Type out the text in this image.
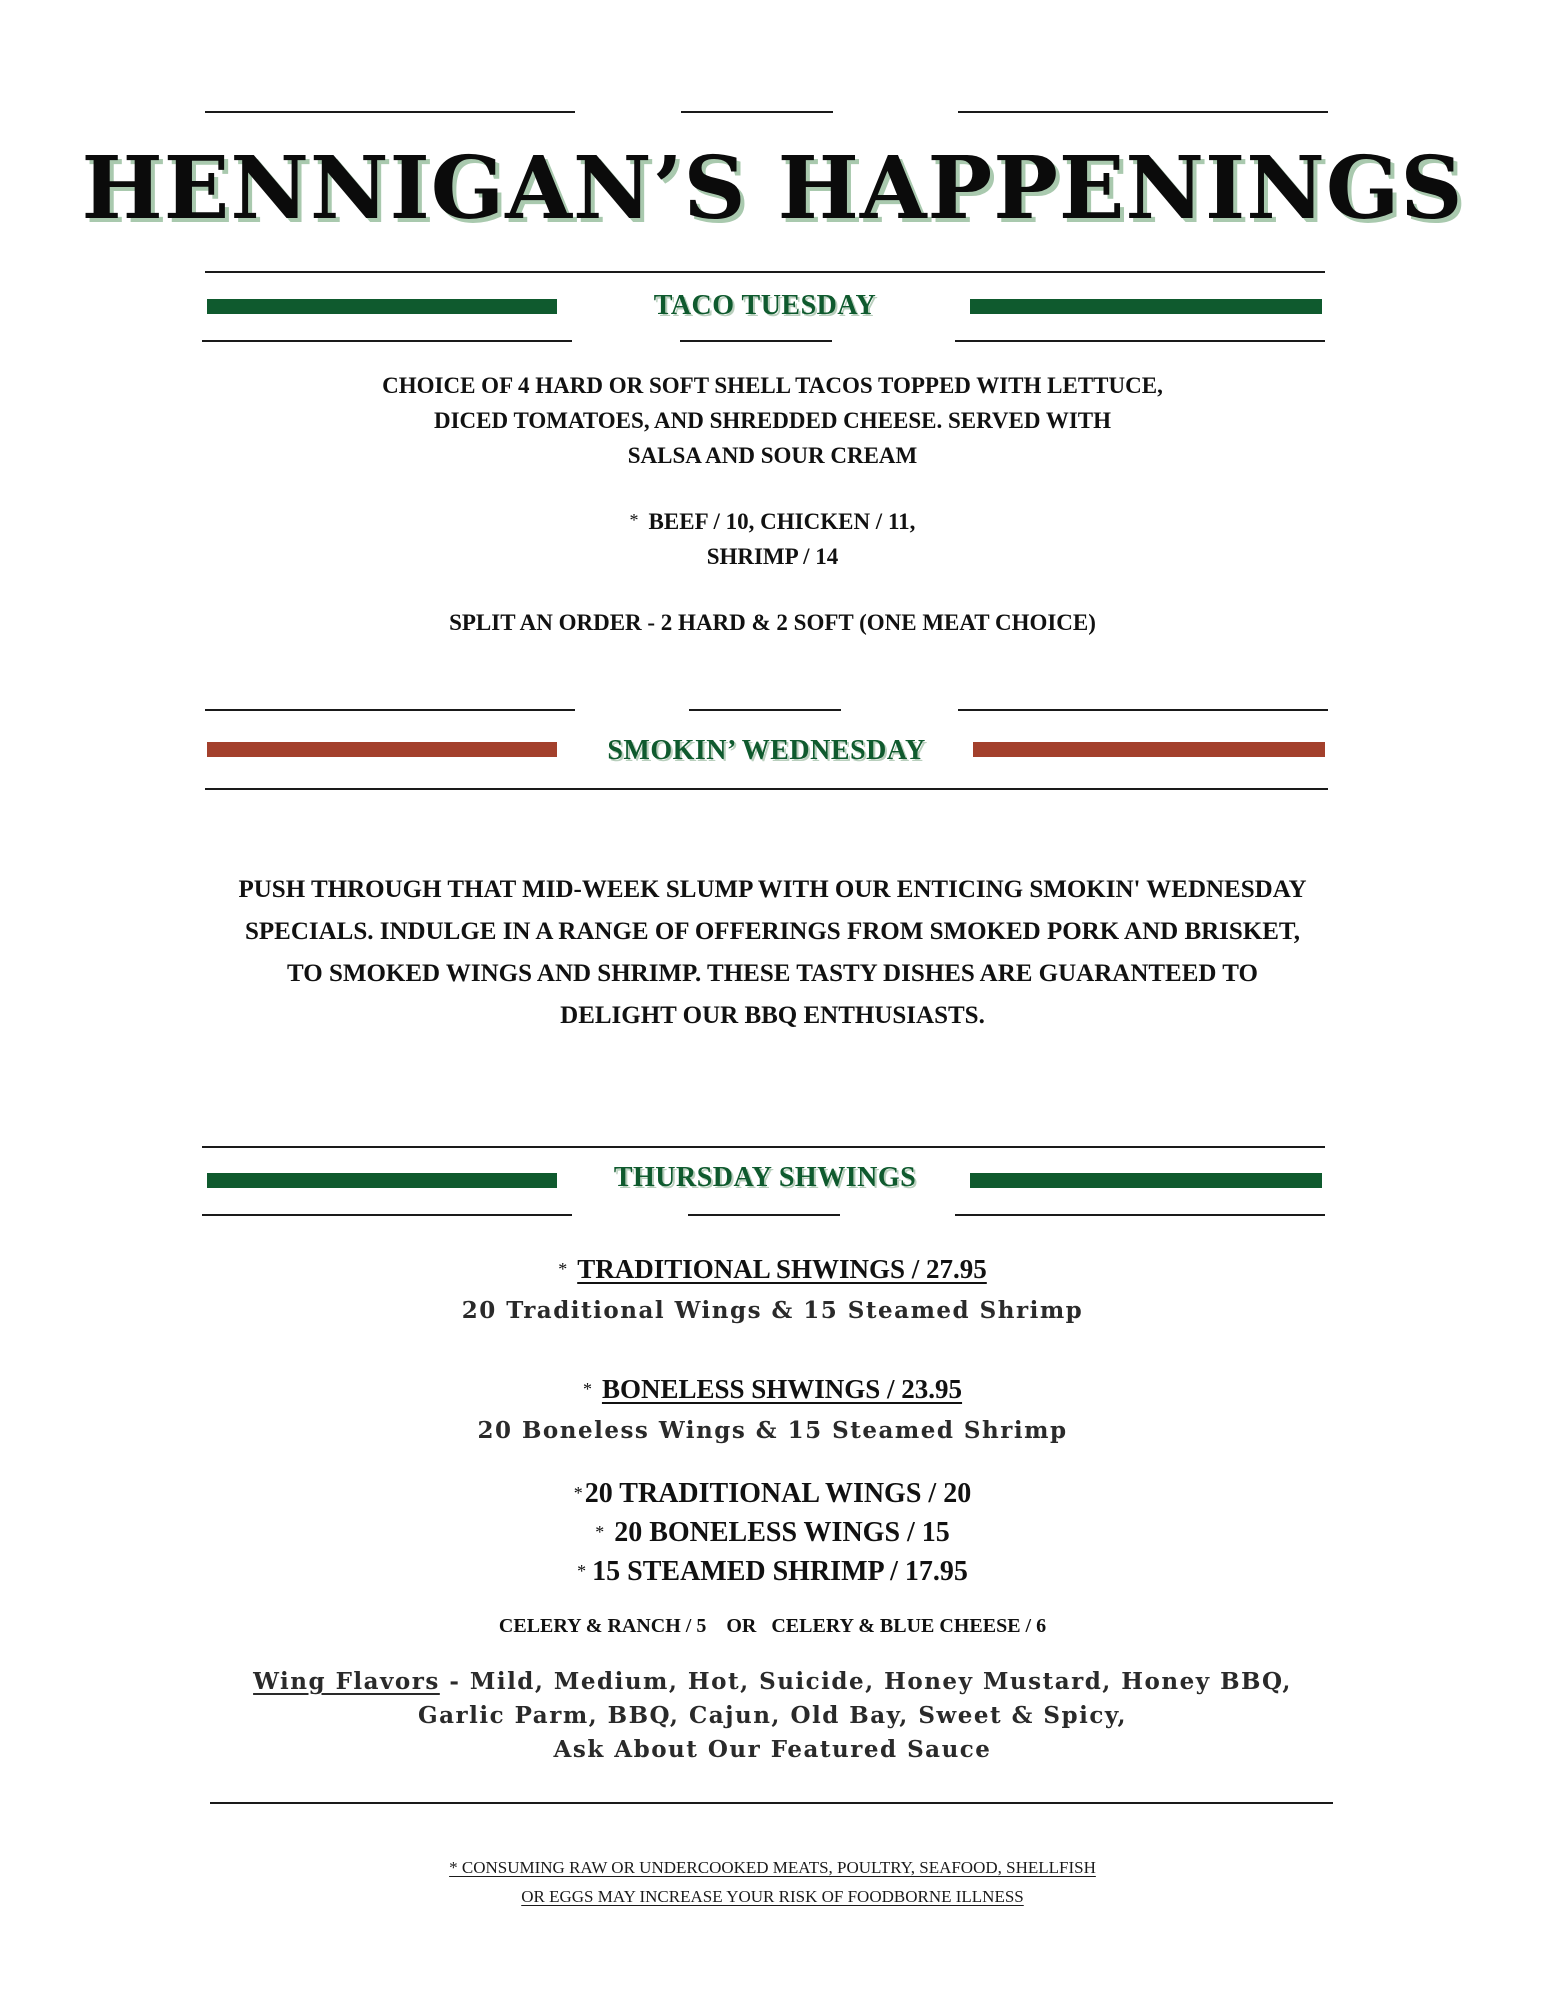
HENNIGAN’S HAPPENINGS
TACO TUESDAY
CHOICE OF 4 HARD OR SOFT SHELL TACOS TOPPED WITH LETTUCE,
DICED TOMATOES, AND SHREDDED CHEESE. SERVED WITH
SALSA AND SOUR CREAM
* BEEF / 10, CHICKEN / 11,
SHRIMP / 14
SPLIT AN ORDER - 2 HARD & 2 SOFT (ONE MEAT CHOICE)
SMOKIN’ WEDNESDAY
PUSH THROUGH THAT MID-WEEK SLUMP WITH OUR ENTICING SMOKIN' WEDNESDAY
SPECIALS. INDULGE IN A RANGE OF OFFERINGS FROM SMOKED PORK AND BRISKET,
TO SMOKED WINGS AND SHRIMP. THESE TASTY DISHES ARE GUARANTEED TO
DELIGHT OUR BBQ ENTHUSIASTS.
THURSDAY SHWINGS
* TRADITIONAL SHWINGS / 27.95
20 Traditional Wings & 15 Steamed Shrimp
* BONELESS SHWINGS / 23.95
20 Boneless Wings & 15 Steamed Shrimp
*20 TRADITIONAL WINGS / 20
* 20 BONELESS WINGS / 15
* 15 STEAMED SHRIMP / 17.95
CELERY & RANCH / 5    OR   CELERY & BLUE CHEESE / 6
Wing Flavors - Mild, Medium, Hot, Suicide, Honey Mustard, Honey BBQ,
Garlic Parm, BBQ, Cajun, Old Bay, Sweet & Spicy,
Ask About Our Featured Sauce
* CONSUMING RAW OR UNDERCOOKED MEATS, POULTRY, SEAFOOD, SHELLFISH
OR EGGS MAY INCREASE YOUR RISK OF FOODBORNE ILLNESS
